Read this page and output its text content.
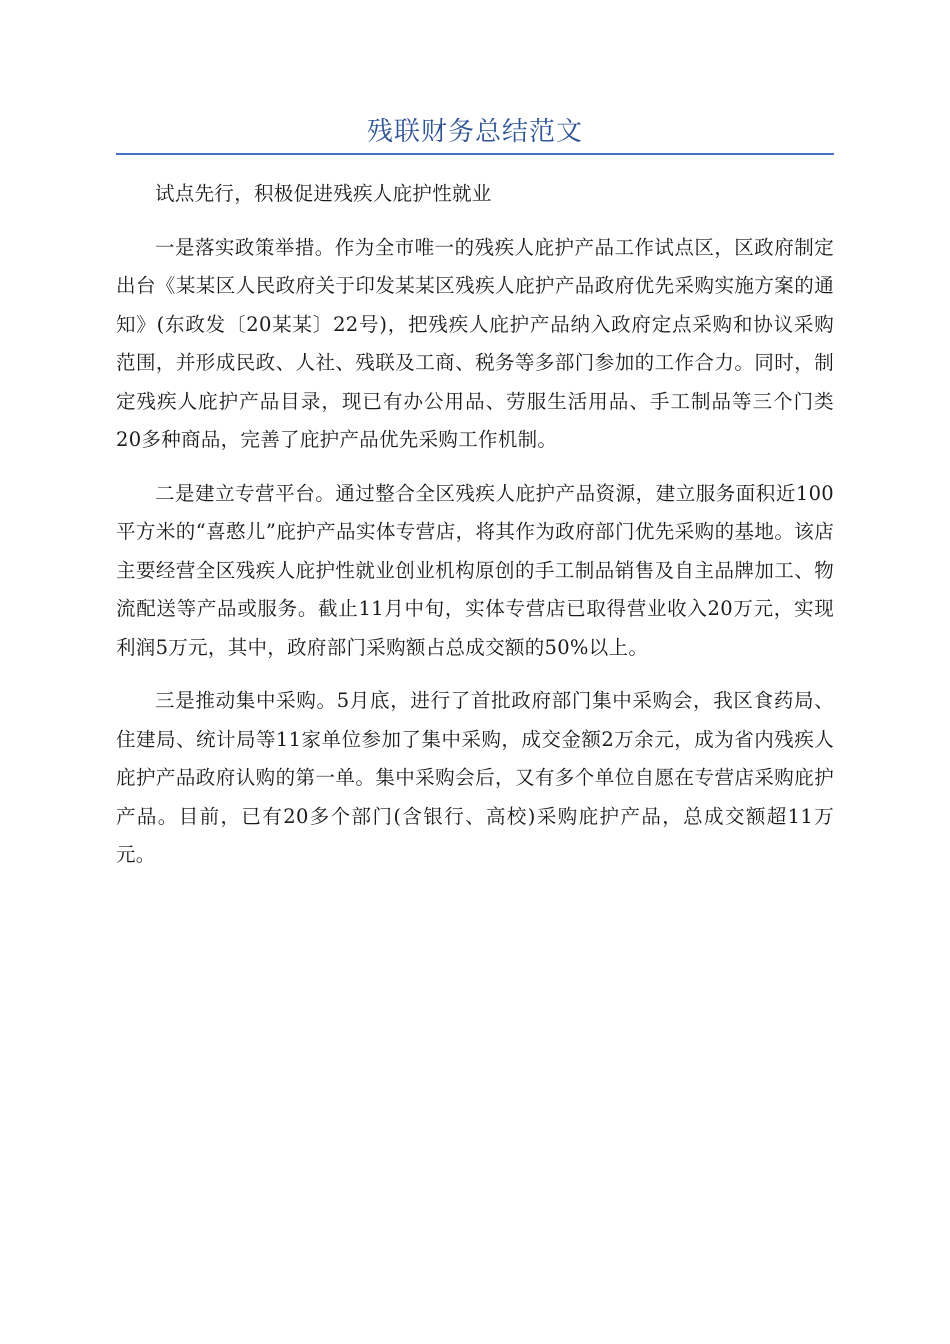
残联财务总结范文

试点先行，积极促进残疾人庇护性就业

一是落实政策举措。作为全市唯一的残疾人庇护产品工作试点区，区政府制定出台《某某区人民政府关于印发某某区残疾人庇护产品政府优先采购实施方案的通知》(东政发〔20某某〕22号)，把残疾人庇护产品纳入政府定点采购和协议采购范围，并形成民政、人社、残联及工商、税务等多部门参加的工作合力。同时，制定残疾人庇护产品目录，现已有办公用品、劳服生活用品、手工制品等三个门类20多种商品，完善了庇护产品优先采购工作机制。

二是建立专营平台。通过整合全区残疾人庇护产品资源，建立服务面积近100平方米的“喜憨儿”庇护产品实体专营店，将其作为政府部门优先采购的基地。该店主要经营全区残疾人庇护性就业创业机构原创的手工制品销售及自主品牌加工、物流配送等产品或服务。截止11月中旬，实体专营店已取得营业收入20万元，实现利润5万元，其中，政府部门采购额占总成交额的50%以上。

三是推动集中采购。5月底，进行了首批政府部门集中采购会，我区食药局、住建局、统计局等11家单位参加了集中采购，成交金额2万余元，成为省内残疾人庇护产品政府认购的第一单。集中采购会后，又有多个单位自愿在专营店采购庇护产品。目前，已有20多个部门(含银行、高校)采购庇护产品，总成交额超11万元。
